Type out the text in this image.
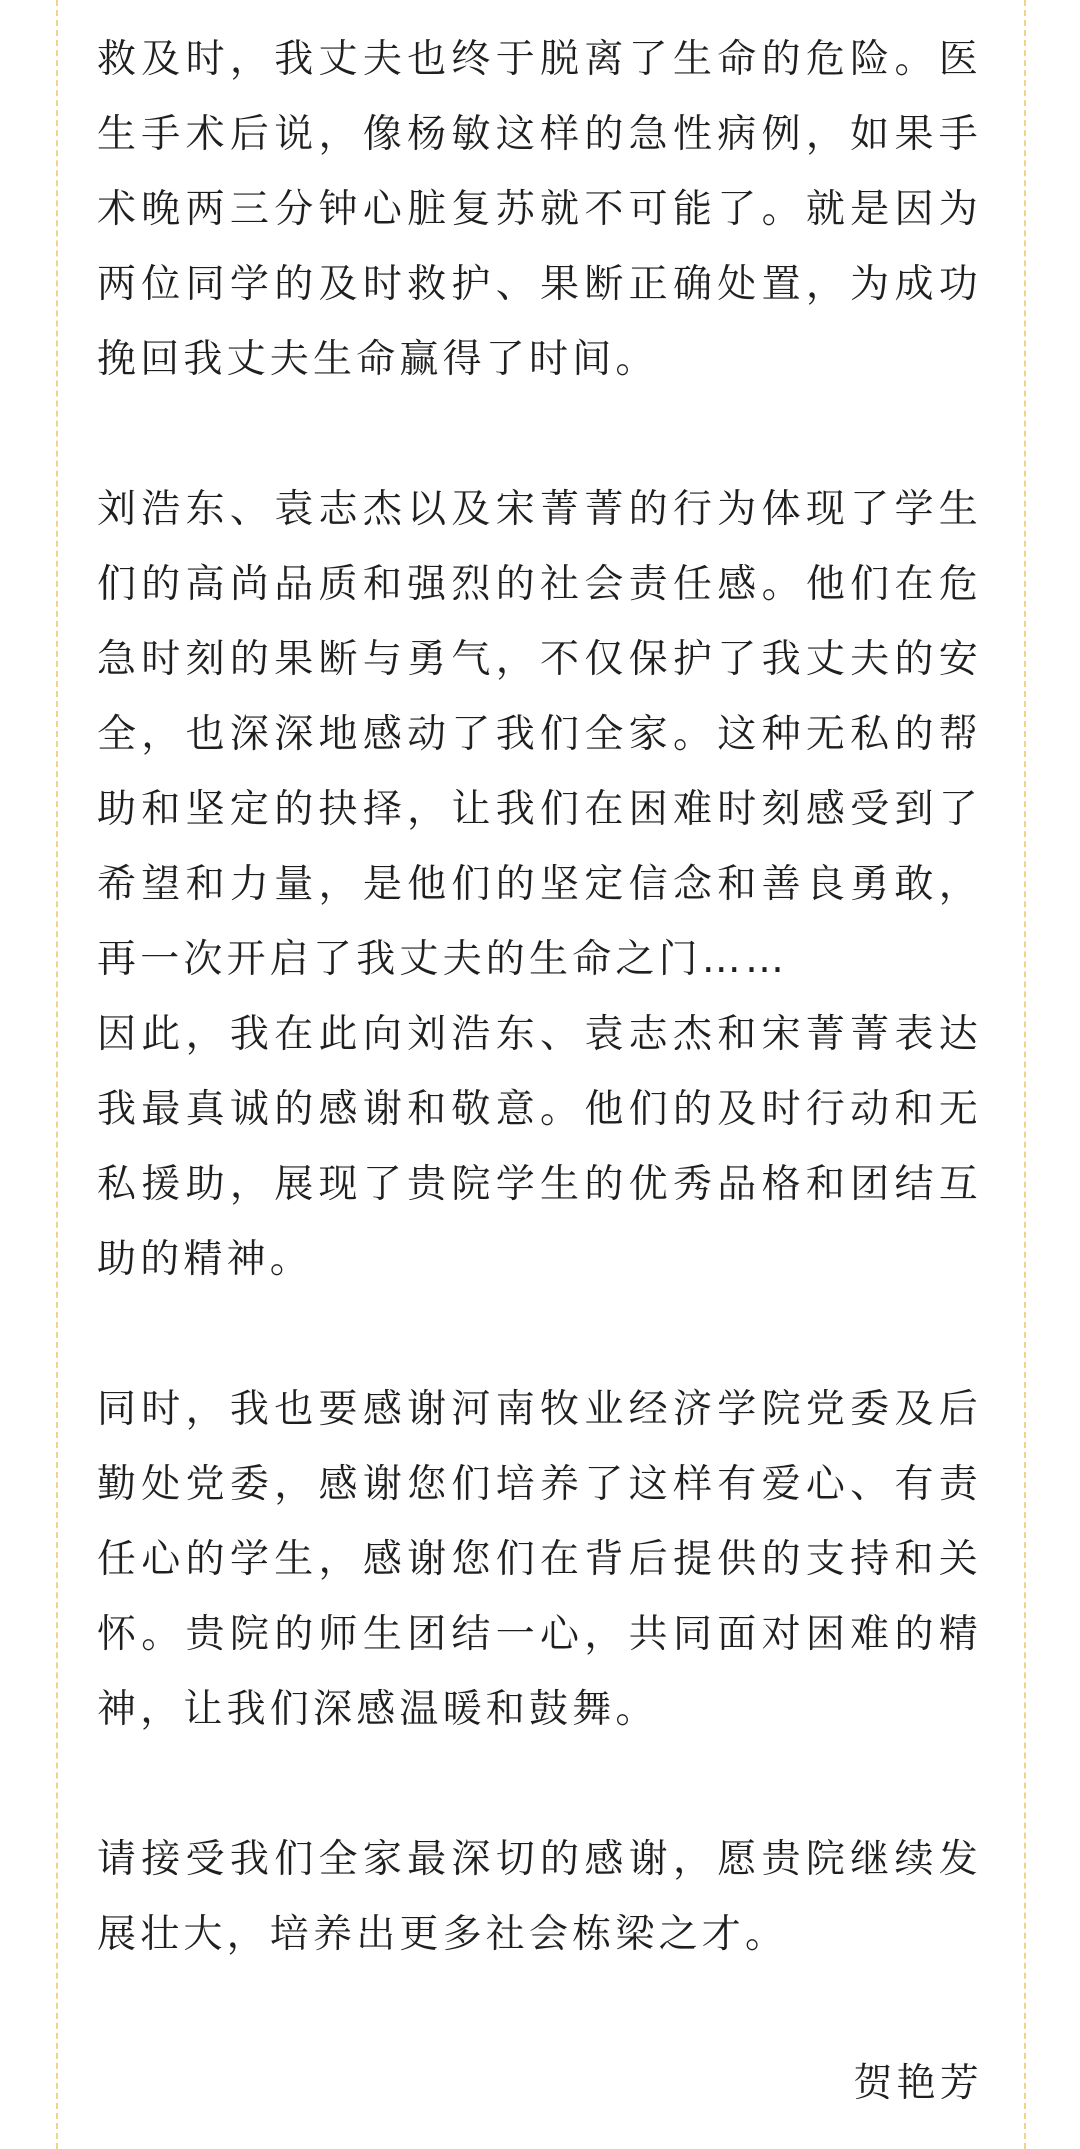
救及时，我丈夫也终于脱离了生命的危险。医生手术后说，像杨敏这样的急性病例，如果手术晚两三分钟心脏复苏就不可能了。就是因为两位同学的及时救护、果断正确处置，为成功挽回我丈夫生命赢得了时间。

刘浩东、袁志杰以及宋菁菁的行为体现了学生们的高尚品质和强烈的社会责任感。他们在危急时刻的果断与勇气，不仅保护了我丈夫的安全，也深深地感动了我们全家。这种无私的帮助和坚定的抉择，让我们在困难时刻感受到了希望和力量，是他们的坚定信念和善良勇敢，再一次开启了我丈夫的生命之门……

因此，我在此向刘浩东、袁志杰和宋菁菁表达我最真诚的感谢和敬意。他们的及时行动和无私援助，展现了贵院学生的优秀品格和团结互助的精神。

同时，我也要感谢河南牧业经济学院党委及后勤处党委，感谢您们培养了这样有爱心、有责任心的学生，感谢您们在背后提供的支持和关怀。贵院的师生团结一心，共同面对困难的精神，让我们深感温暖和鼓舞。

请接受我们全家最深切的感谢，愿贵院继续发展壮大，培养出更多社会栋梁之才。

贺艳芳
